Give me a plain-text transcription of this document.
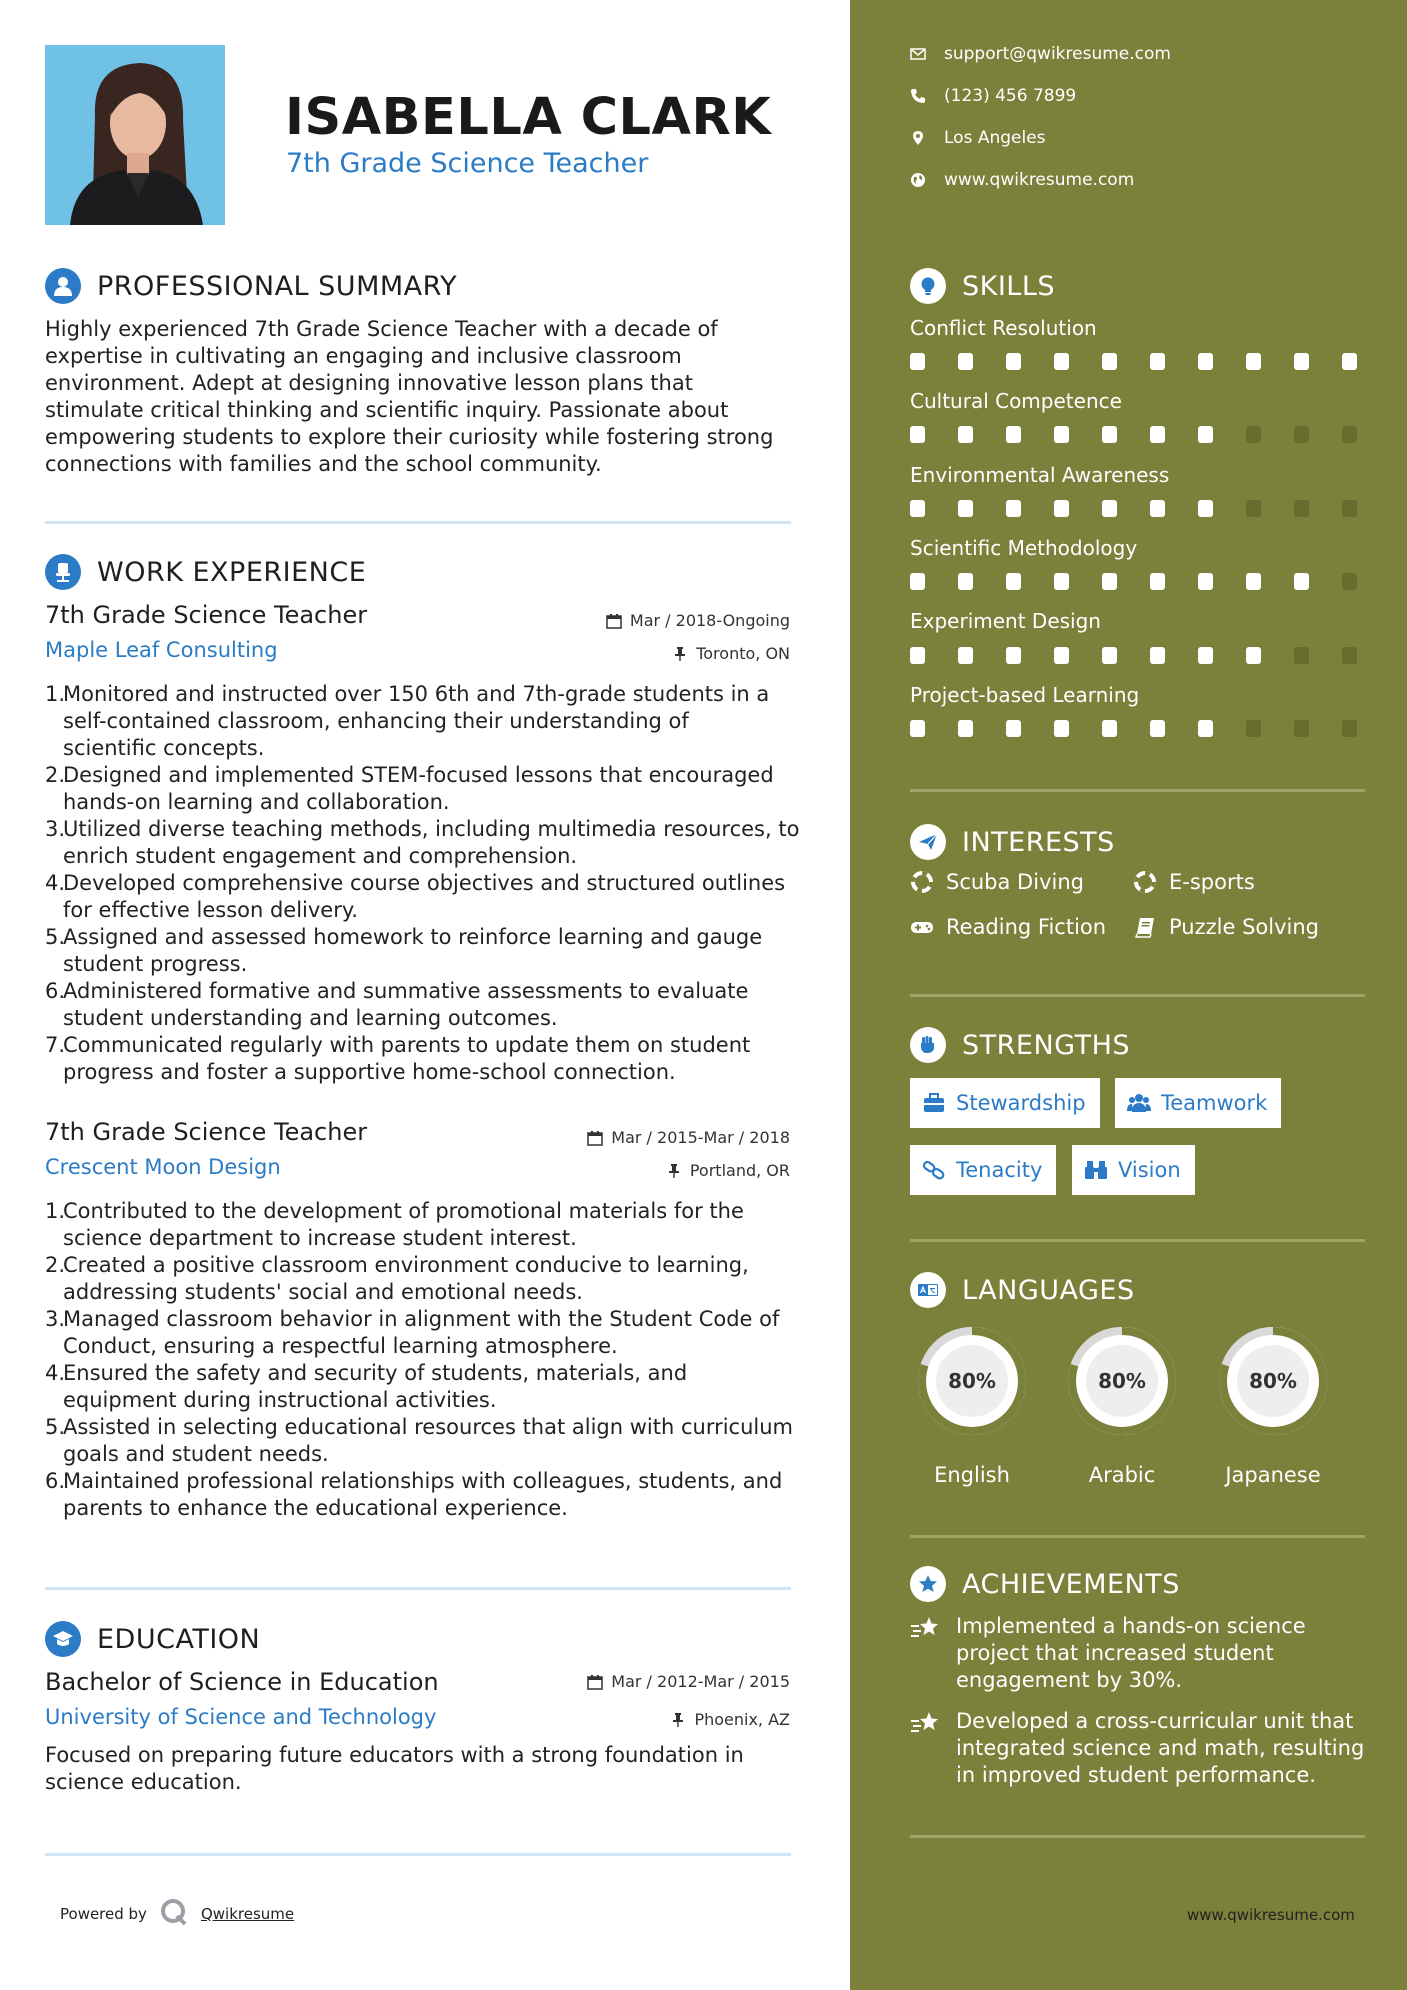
ISABELLA CLARK
7th Grade Science Teacher
PROFESSIONAL SUMMARY
Highly experienced 7th Grade Science Teacher with a decade of
expertise in cultivating an engaging and inclusive classroom
environment. Adept at designing innovative lesson plans that
stimulate critical thinking and scientific inquiry. Passionate about
empowering students to explore their curiosity while fostering strong
connections with families and the school community.
WORK EXPERIENCE
7th Grade Science Teacher
Maple Leaf Consulting
Mar / 2018-Ongoing
Toronto, ON
1.
Monitored and instructed over 150 6th and 7th-grade students in a
self-contained classroom, enhancing their understanding of
scientific concepts.
2.
Designed and implemented STEM-focused lessons that encouraged
hands-on learning and collaboration.
3.
Utilized diverse teaching methods, including multimedia resources, to
enrich student engagement and comprehension.
4.
Developed comprehensive course objectives and structured outlines
for effective lesson delivery.
5.
Assigned and assessed homework to reinforce learning and gauge
student progress.
6.
Administered formative and summative assessments to evaluate
student understanding and learning outcomes.
7.
Communicated regularly with parents to update them on student
progress and foster a supportive home-school connection.
7th Grade Science Teacher
Crescent Moon Design
Mar / 2015-Mar / 2018
Portland, OR
1.
Contributed to the development of promotional materials for the
science department to increase student interest.
2.
Created a positive classroom environment conducive to learning,
addressing students' social and emotional needs.
3.
Managed classroom behavior in alignment with the Student Code of
Conduct, ensuring a respectful learning atmosphere.
4.
Ensured the safety and security of students, materials, and
equipment during instructional activities.
5.
Assisted in selecting educational resources that align with curriculum
goals and student needs.
6.
Maintained professional relationships with colleagues, students, and
parents to enhance the educational experience.
EDUCATION
Bachelor of Science in Education
University of Science and Technology
Mar / 2012-Mar / 2015
Phoenix, AZ
Focused on preparing future educators with a strong foundation in
science education.
Powered by	Qwikresume
support@qwikresume.com
(123) 456 7899
Los Angeles
www.qwikresume.com
SKILLS
Conflict Resolution
Cultural Competence
Environmental Awareness
Scientific Methodology
Experiment Design
Project-based Learning
INTERESTS
Scuba Diving	E-sports
Reading Fiction	Puzzle Solving
STRENGTHS
Stewardship	Teamwork
Tenacity	Vision
LANGUAGES
80%
English
80%
Arabic
80%
Japanese
ACHIEVEMENTS
Implemented a hands-on science
project that increased student
engagement by 30%.
Developed a cross-curricular unit that
integrated science and math, resulting
in improved student performance.
www.qwikresume.com
